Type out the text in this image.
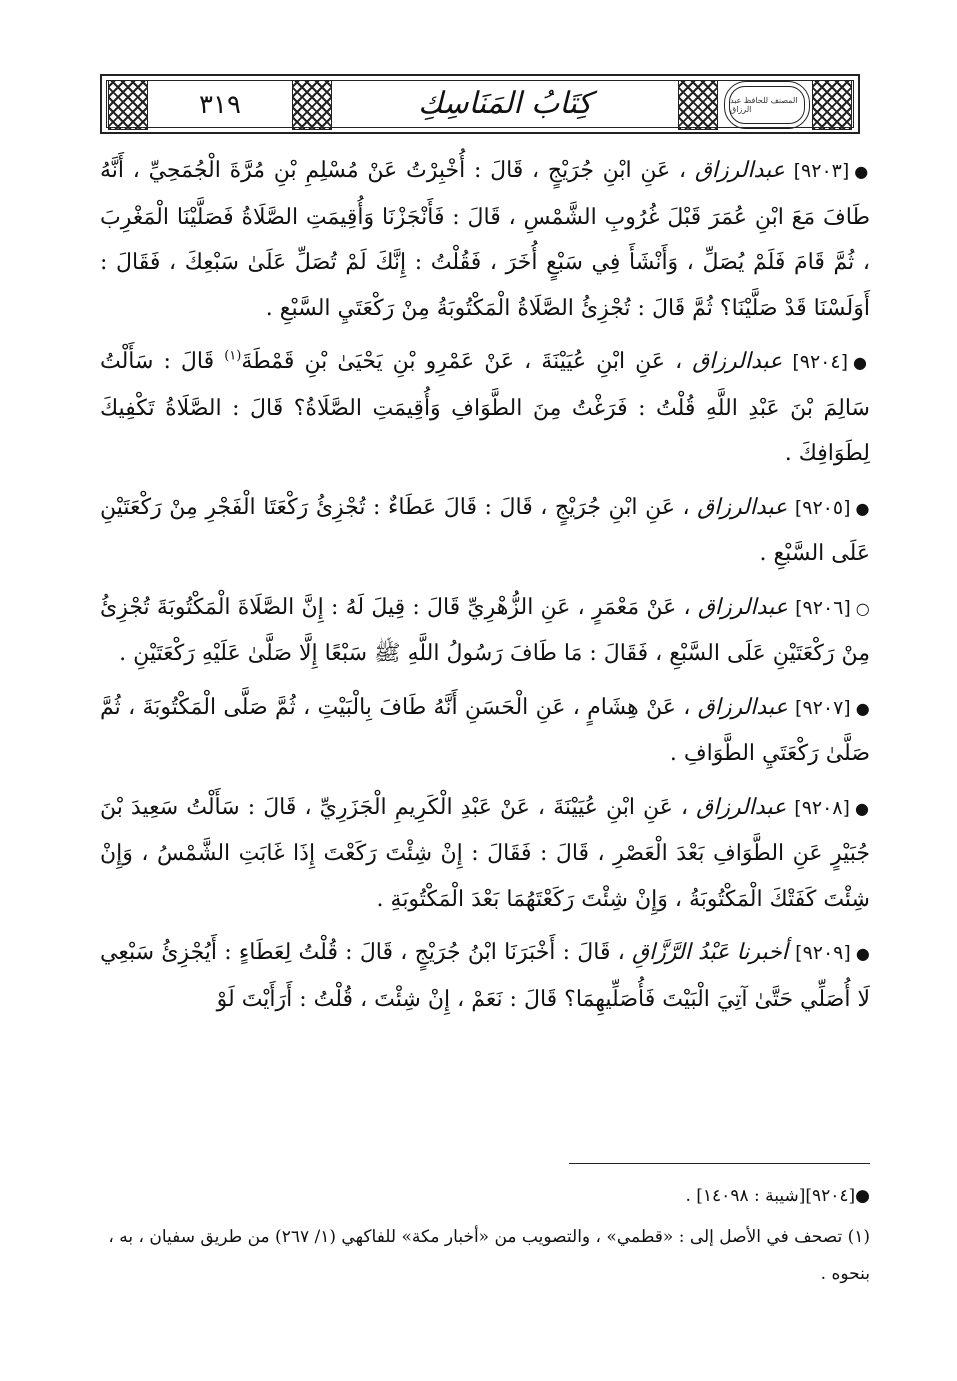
٣١٩	كِتَابُ المَنَاسِكِ	المصنف للحافظ عبد الرزاق

●[٩٢٠٣] عبدالرزاق ، عَنِ ابْنِ جُرَيْجٍ ، قَالَ : أُخْبِرْتُ عَنْ مُسْلِمِ بْنِ مُرَّةَ الْجُمَحِيِّ ، أَنَّهُ طَافَ مَعَ ابْنِ عُمَرَ قَبْلَ غُرُوبِ الشَّمْسِ ، قَالَ : فَأَنْجَزْنَا وَأُقِيمَتِ الصَّلَاةُ فَصَلَّيْنَا الْمَغْرِبَ ، ثُمَّ قَامَ فَلَمْ يُصَلِّ ، وَأَنْشَأَ فِي سَبْعٍ أُخَرَ ، فَقُلْتُ : إِنَّكَ لَمْ تُصَلِّ عَلَىٰ سَبْعِكَ ، فَقَالَ : أَوَلَسْنَا قَدْ صَلَّيْنَا؟ ثُمَّ قَالَ : تُجْزِئُ الصَّلَاةُ الْمَكْتُوبَةُ مِنْ رَكْعَتَيِ السَّبْعِ .

●[٩٢٠٤] عبدالرزاق ، عَنِ ابْنِ عُيَيْنَةَ ، عَنْ عَمْرِو بْنِ يَحْيَىٰ بْنِ قَمْطَةَ$^{(١)}$ قَالَ : سَأَلْتُ سَالِمَ بْنَ عَبْدِ اللَّهِ قُلْتُ : فَرَغْتُ مِنَ الطَّوَافِ وَأُقِيمَتِ الصَّلَاةُ؟ قَالَ : الصَّلَاةُ تَكْفِيكَ لِطَوَافِكَ .

●[٩٢٠٥] عبدالرزاق ، عَنِ ابْنِ جُرَيْجٍ ، قَالَ : قَالَ عَطَاءٌ : تُجْزِئُ رَكْعَتَا الْفَجْرِ مِنْ رَكْعَتَيْنِ عَلَى السَّبْعِ .

○[٩٢٠٦] عبدالرزاق ، عَنْ مَعْمَرٍ ، عَنِ الزُّهْرِيِّ قَالَ : قِيلَ لَهُ : إِنَّ الصَّلَاةَ الْمَكْتُوبَةَ تُجْزِئُ مِنْ رَكْعَتَيْنِ عَلَى السَّبْعِ ، فَقَالَ : مَا طَافَ رَسُولُ اللَّهِ ﷺ سَبْعًا إِلَّا صَلَّىٰ عَلَيْهِ رَكْعَتَيْنِ .

●[٩٢٠٧] عبدالرزاق ، عَنْ هِشَامٍ ، عَنِ الْحَسَنِ أَنَّهُ طَافَ بِالْبَيْتِ ، ثُمَّ صَلَّى الْمَكْتُوبَةَ ، ثُمَّ صَلَّىٰ رَكْعَتَيِ الطَّوَافِ .

●[٩٢٠٨] عبدالرزاق ، عَنِ ابْنِ عُيَيْنَةَ ، عَنْ عَبْدِ الْكَرِيمِ الْجَزَرِيِّ ، قَالَ : سَأَلْتُ سَعِيدَ بْنَ جُبَيْرٍ عَنِ الطَّوَافِ بَعْدَ الْعَصْرِ ، قَالَ : فَقَالَ : إِنْ شِئْتَ رَكَعْتَ إِذَا غَابَتِ الشَّمْسُ ، وَإِنْ شِئْتَ كَفَتْكَ الْمَكْتُوبَةُ ، وَإِنْ شِئْتَ رَكَعْتَهُمَا بَعْدَ الْمَكْتُوبَةِ .

●[٩٢٠٩] أخبرنا عَبْدُ الرَّزَّاقِ ، قَالَ : أَخْبَرَنَا ابْنُ جُرَيْجٍ ، قَالَ : قُلْتُ لِعَطَاءٍ : أَيُجْزِئُ سَبْعِي لَا أُصَلِّي حَتَّىٰ آتِيَ الْبَيْتَ فَأُصَلِّيهِمَا؟ قَالَ : نَعَمْ ، إِنْ شِئْتَ ، قُلْتُ : أَرَأَيْتَ لَوْ

●[٩٢٠٤][شيبة : ١٤٠٩٨] .

(١) تصحف في الأصل إلى : «قطمي» ، والتصويب من «أخبار مكة» للفاكهي (١/ ٢٦٧) من طريق سفيان ، به ، بنحوه .
